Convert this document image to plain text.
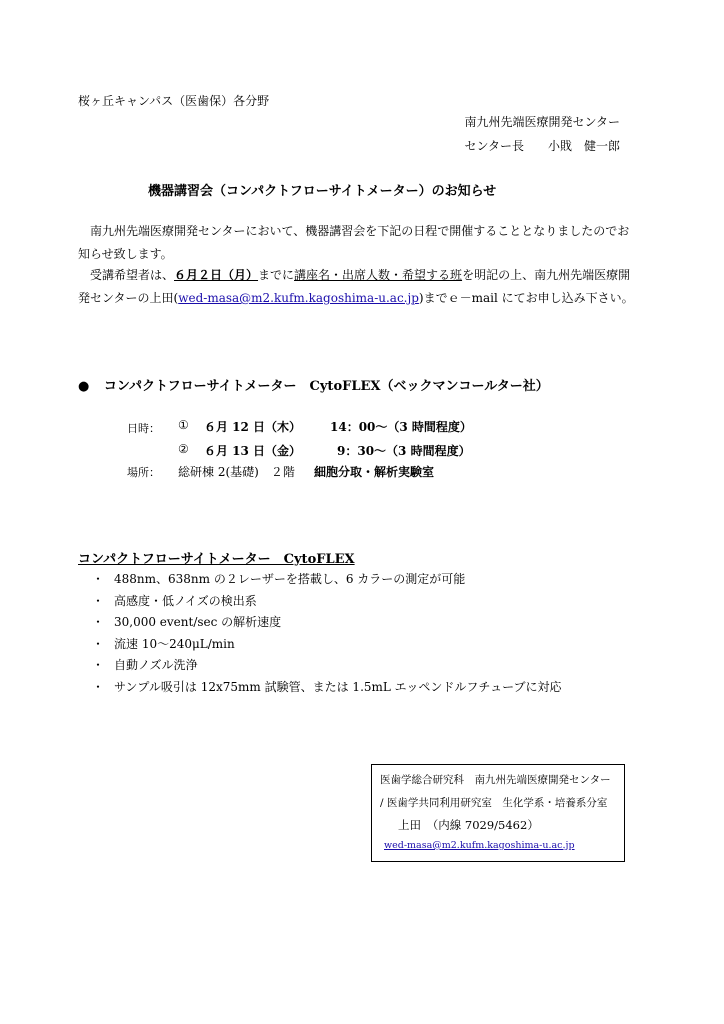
桜ヶ丘キャンパス（医歯保）各分野
南九州先端医療開発センター
センター長　　小戝　健一郎
機器講習会（コンパクトフローサイトメーター）のお知らせ
南九州先端医療開発センターにおいて、機器講習会を下記の日程で開催することとなりましたのでお知らせ致します。
受講希望者は、６月２日（月）までに講座名・出席人数・希望する班を明記の上、南九州先端医療開発センターの上田(wed-masa@m2.kufm.kagoshima-u.ac.jp)までｅ－mail にてお申し込み下さい。
● コンパクトフローサイトメーター　CytoFLEX（ベックマンコールター社）
日時： ① ６月 12 日（木） 14：00～（3 時間程度）
② ６月 13 日（金）	9：30～（3 時間程度）
場所： 総研棟 2(基礎)　２階 細胞分取・解析実験室
コンパクトフローサイトメーター　CytoFLEX
・ 488nm、638nm の２レーザーを搭載し、6 カラーの測定が可能
・ 高感度・低ノイズの検出系
・ 30,000 event/sec の解析速度
・ 流速 10～240μL/min
・ 自動ノズル洗浄
・ サンプル吸引は 12x75mm 試験管、または 1.5mL エッペンドルフチューブに対応
医歯学総合研究科　南九州先端医療開発センター
/ 医歯学共同利用研究室　生化学系・培養系分室
上田　（内線 7029/5462）
wed-masa@m2.kufm.kagoshima-u.ac.jp
